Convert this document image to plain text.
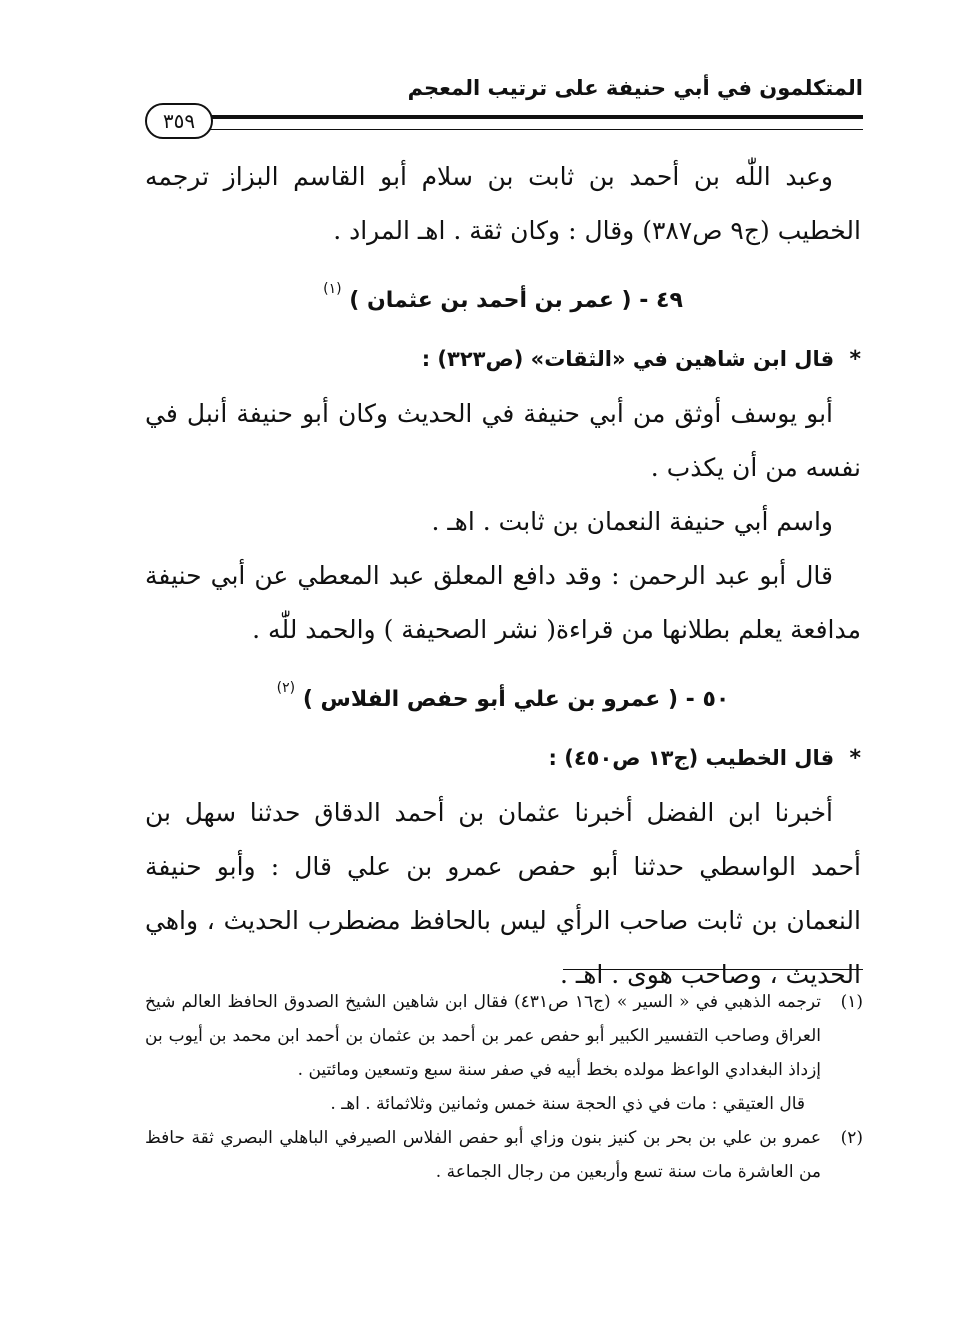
المتكلمون في أبي حنيفة على ترتيب المعجم
٣٥٩

وعبد اللّٰه بن أحمد بن ثابت بن سلام أبو القاسم البزاز ترجمه الخطيب (ج٩ ص٣٨٧) وقال : وكان ثقة . اهـ المراد .

٤٩ - ( عمر بن أحمد بن عثمان ) $^{(١)}$

* قال ابن شاهين في «الثقات» (ص٣٢٣) :

أبو يوسف أوثق من أبي حنيفة في الحديث وكان أبو حنيفة أنبل في نفسه من أن يكذب .

واسم أبي حنيفة النعمان بن ثابت . اهـ .

قال أبو عبد الرحمن : وقد دافع المعلق عبد المعطي عن أبي حنيفة مدافعة يعلم بطلانها من قراءة( نشر الصحيفة ) والحمد للّٰه .

٥٠ - ( عمرو بن علي أبو حفص الفلاس ) $^{(٢)}$

* قال الخطيب (ج١٣ ص٤٥٠) :

أخبرنا ابن الفضل أخبرنا عثمان بن أحمد الدقاق حدثنا سهل بن أحمد الواسطي حدثنا أبو حفص عمرو بن علي قال : وأبو حنيفة النعمان بن ثابت صاحب الرأي ليس بالحافظ مضطرب الحديث ، واهي الحديث ، وصاحب هوى . اهـ .

(١)
ترجمه الذهبي في « السير » (ج١٦ ص٤٣١) فقال ابن شاهين الشيخ الصدوق الحافظ العالم شيخ العراق وصاحب التفسير الكبير أبو حفص عمر بن أحمد بن عثمان بن أحمد ابن محمد بن أيوب بن إزداذ البغدادي الواعظ مولده بخط أبيه في صفر سنة سبع وتسعين ومائتين .

قال العتيقي : مات في ذي الحجة سنة خمس وثمانين وثلاثمائة . اهـ .

(٢)
عمرو بن علي بن بحر بن كنيز بنون وزاي أبو حفص الفلاس الصيرفي الباهلي البصري ثقة حافظ من العاشرة مات سنة تسع وأربعين من رجال الجماعة .
